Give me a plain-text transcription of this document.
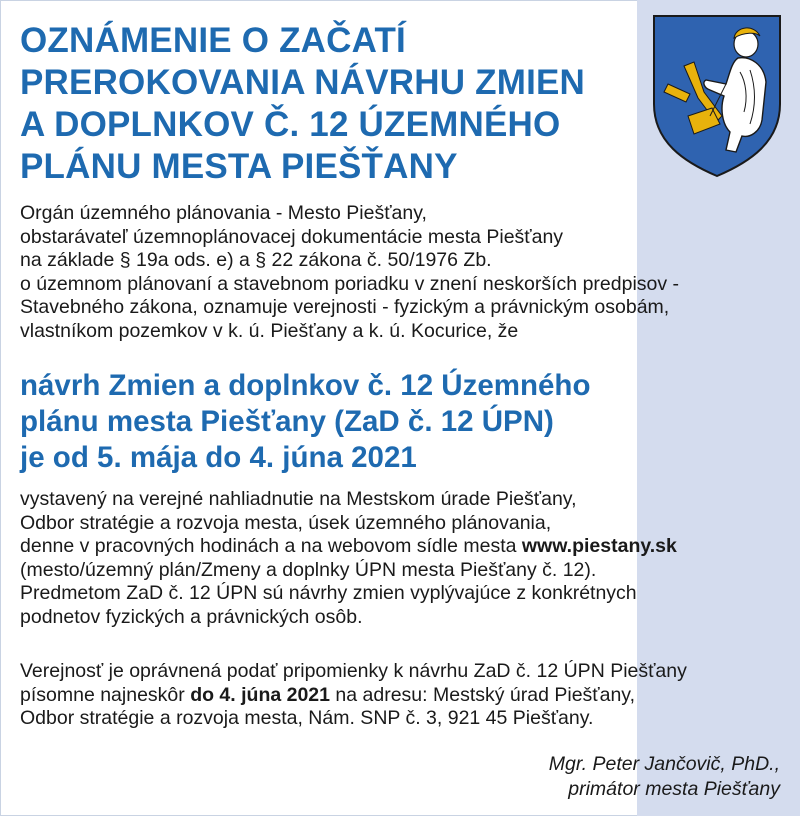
OZNÁMENIE O ZAČATÍ
PREROKOVANIA NÁVRHU ZMIEN
A DOPLNKOV Č. 12 ÚZEMNÉHO
PLÁNU MESTA PIEŠŤANY
Orgán územného plánovania - Mesto Piešťany,
obstarávateľ územnoplánovacej dokumentácie mesta Piešťany
na základe § 19a ods. e) a § 22 zákona č. 50/1976 Zb.
o územnom plánovaní a stavebnom poriadku v znení neskorších predpisov -
Stavebného zákona, oznamuje verejnosti - fyzickým a právnickým osobám,
vlastníkom pozemkov v k. ú. Piešťany a k. ú. Kocurice, že
návrh Zmien a doplnkov č. 12 Územného
plánu mesta Piešťany (ZaD č. 12 ÚPN)
je od 5. mája do 4. júna 2021
vystavený na verejné nahliadnutie na Mestskom úrade Piešťany,
Odbor stratégie a rozvoja mesta, úsek územného plánovania,
denne v pracovných hodinách a na webovom sídle mesta www.piestany.sk
(mesto/územný plán/Zmeny a doplnky ÚPN mesta Piešťany č. 12).
Predmetom ZaD č. 12 ÚPN sú návrhy zmien vyplývajúce z konkrétnych
podnetov fyzických a právnických osôb.
Verejnosť je oprávnená podať pripomienky k návrhu ZaD č. 12 ÚPN Piešťany
písomne najneskôr do 4. júna 2021 na adresu: Mestský úrad Piešťany,
Odbor stratégie a rozvoja mesta, Nám. SNP č. 3, 921 45 Piešťany.
Mgr. Peter Jančovič, PhD.,
primátor mesta Piešťany
